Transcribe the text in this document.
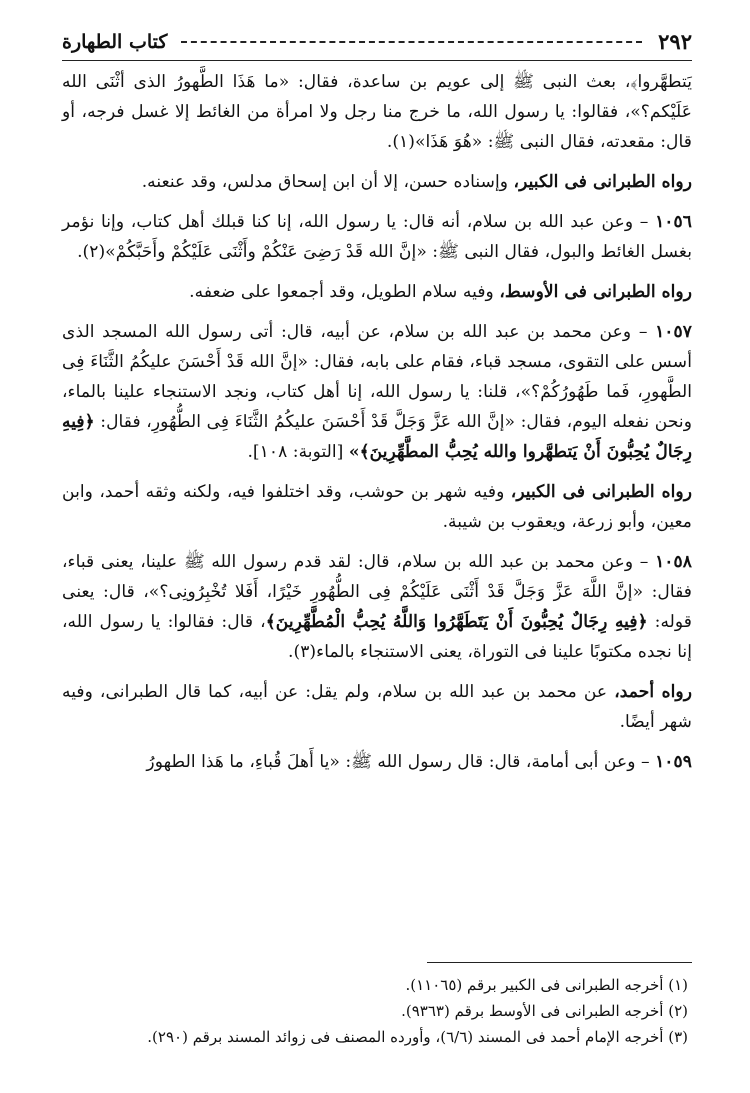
٢٩٢
كتاب الطهارة

يَتطهَّروا﴾، بعث النبى ﷺ إلى عويم بن ساعدة، فقال: «ما هَذَا الطَّهورُ الذى أثْنَى الله عَلَيْكم؟»، فقالوا: يا رسول الله، ما خرج منا رجل ولا امرأة من الغائط إلا غسل فرجه، أو قال: مقعدته، فقال النبى ﷺ: «هُوَ هَذَا»(١).

رواه الطبرانى فى الكبير، وإسناده حسن، إلا أن ابن إسحاق مدلس، وقد عنعنه.

١٠٥٦ – وعن عبد الله بن سلام، أنه قال: يا رسول الله، إنا كنا قبلك أهل كتاب، وإنا نؤمر بغسل الغائط والبول، فقال النبى ﷺ: «إنَّ الله قَدْ رَضِىَ عَنْكُمْ وأَثْنَى عَلَيْكُمْ وأَحَبَّكُمْ»(٢).

رواه الطبرانى فى الأوسط، وفيه سلام الطويل، وقد أجمعوا على ضعفه.

١٠٥٧ – وعن محمد بن عبد الله بن سلام، عن أبيه، قال: أتى رسول الله المسجد الذى أسس على التقوى، مسجد قباء، فقام على بابه، فقال: «إنَّ الله قَدْ أَحْسَنَ عليكُمُ الثَّنَاءَ فِى الطَّهورِ، فَما طَهُورُكُمْ؟»، قلنا: يا رسول الله، إنا أهل كتاب، ونجد الاستنجاء علينا بالماء، ونحن نفعله اليوم، فقال: «إنَّ الله عَزَّ وَجَلَّ قَدْ أَحْسَنَ عليكُمُ الثَّنَاءَ فِى الطُّهُورِ، فقال: ﴿فِيهِ رِجَالٌ يُحِبُّونَ أَنْ يَتطهَّروا والله يُحِبُّ المطَّهِّرِينَ﴾» [التوبة: ١٠٨].

رواه الطبرانى فى الكبير، وفيه شهر بن حوشب، وقد اختلفوا فيه، ولكنه وثقه أحمد، وابن معين، وأبو زرعة، ويعقوب بن شيبة.

١٠٥٨ – وعن محمد بن عبد الله بن سلام، قال: لقد قدم رسول الله ﷺ علينا، يعنى قباء، فقال: «إنَّ اللَّهَ عَزَّ وَجَلَّ قَدْ أَثْنَى عَلَيْكُمْ فِى الطُّهُورِ خَيْرًا، أَفَلا تُخْبِرُونِى؟»، قال: يعنى قوله: ﴿فِيهِ رِجَالٌ يُحِبُّونَ أَنْ يَتَطَهَّرُوا وَاللَّهُ يُحِبُّ الْمُطَّهِّرِينَ﴾، قال: فقالوا: يا رسول الله، إنا نجده مكتوبًا علينا فى التوراة، يعنى الاستنجاء بالماء(٣).

رواه أحمد، عن محمد بن عبد الله بن سلام، ولم يقل: عن أبيه، كما قال الطبرانى، وفيه شهر أيضًا.

١٠٥٩ – وعن أبى أمامة، قال: قال رسول الله ﷺ: «يا أَهلَ قُباءِ، ما هَذا الطهورُ

(١) أخرجه الطبرانى فى الكبير برقم (١١٠٦٥).
(٢) أخرجه الطبرانى فى الأوسط برقم (٩٣٦٣).
(٣) أخرجه الإمام أحمد فى المسند (٦/٦)، وأورده المصنف فى زوائد المسند برقم (٢٩٠).
